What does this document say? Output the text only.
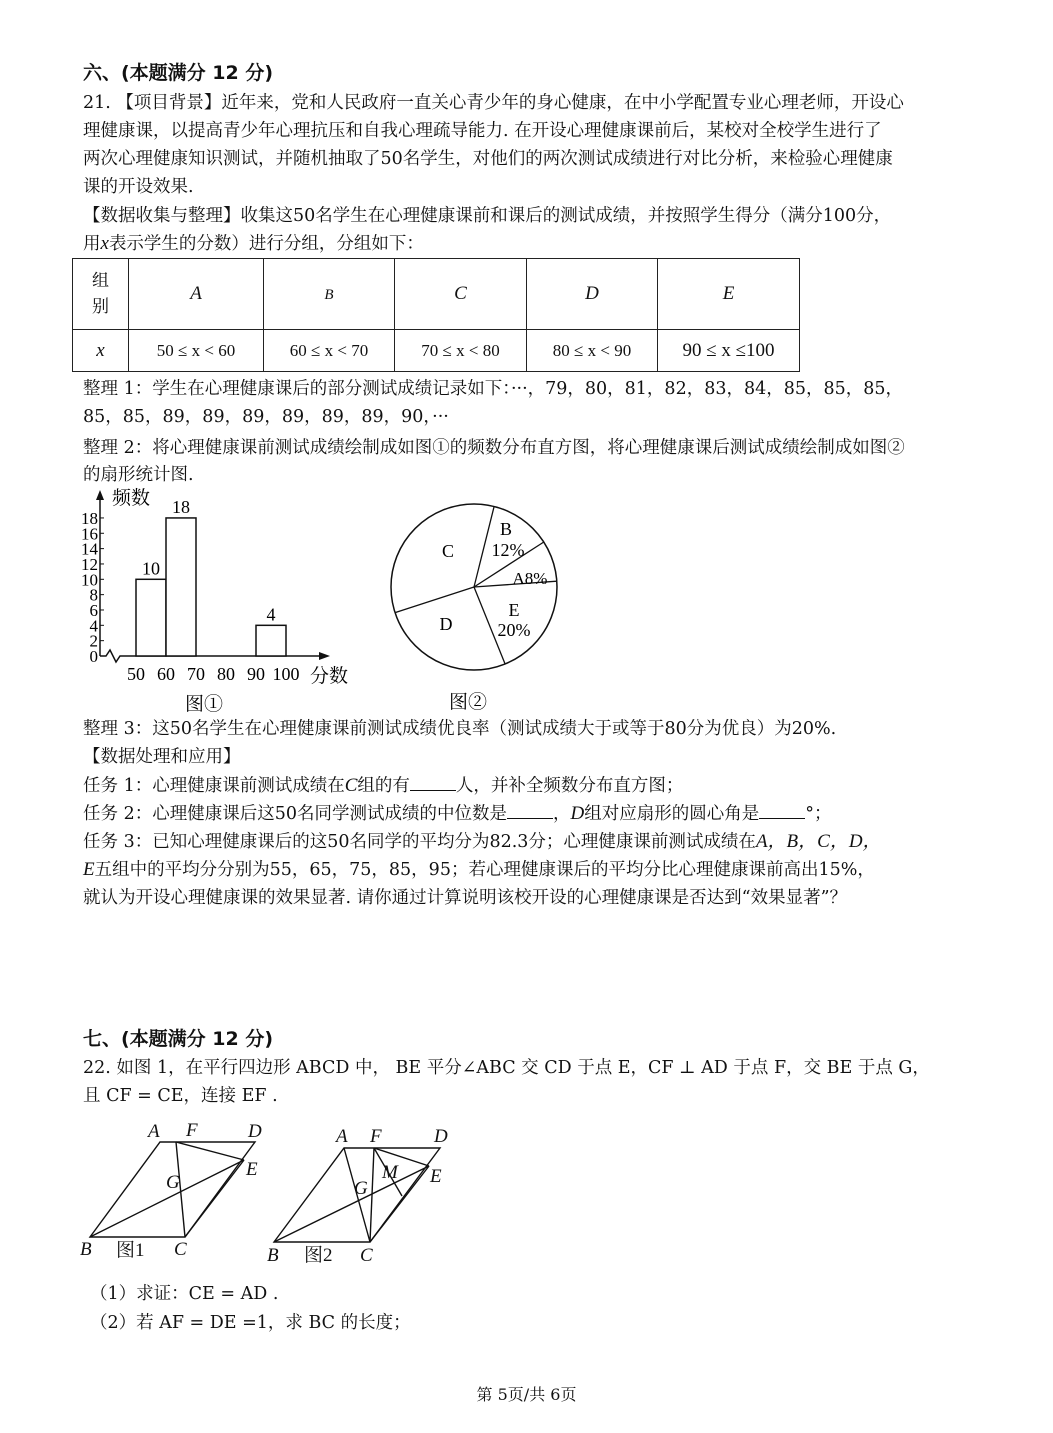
六、(本题满分 12 分)
21. 【项目背景】近年来，党和人民政府一直关心青少年的身心健康，在中小学配置专业心理老师，开设心
理健康课，以提高青少年心理抗压和自我心理疏导能力. 在开设心理健康课前后，某校对全校学生进行了
两次心理健康知识测试，并随机抽取了50名学生，对他们的两次测试成绩进行对比分析，来检验心理健康
课的开设效果.
【数据收集与整理】收集这50名学生在心理健康课前和课后的测试成绩，并按照学生得分（满分100分，
用x表示学生的分数）进行分组，分组如下：
组别	A	B	C	D	E
x	50 ≤ x < 60	60 ≤ x < 70	70 ≤ x < 80	80 ≤ x < 90	90 ≤ x ≤100
整理 1：学生在心理健康课后的部分测试成绩记录如下：···，79，80，81，82，83，84，85，85，85，
85，85，89，89，89，89，89，89，90，···
整理 2：将心理健康课前测试成绩绘制成如图①的频数分布直方图，将心理健康课后测试成绩绘制成如图②
的扇形统计图.
频数
分数
0
2
4
6
8
10
12
14
16
18
50 60 70 80 90 100
10
18
4
图①
B
12%
A8%
E
20%
D
C
图②
整理 3：这50名学生在心理健康课前测试成绩优良率（测试成绩大于或等于80分为优良）为20%.
【数据处理和应用】
任务 1：心理健康课前测试成绩在C组的有	人，并补全频数分布直方图；
任务 2：心理健康课后这50名同学测试成绩的中位数是	，D组对应扇形的圆心角是	°；
任务 3：已知心理健康课后的这50名同学的平均分为82.3分；心理健康课前测试成绩在A，B，C，D，
E五组中的平均分分别为55，65，75，85，95；若心理健康课后的平均分比心理健康课前高出15%，
就认为开设心理健康课的效果显著. 请你通过计算说明该校开设的心理健康课是否达到“效果显著”？
七、(本题满分 12 分)
22. 如图 1，在平行四边形 ABCD 中， BE 平分∠ABC 交 CD 于点 E，CF ⊥ AD 于点 F，交 BE 于点 G，
且 CF = CE，连接 EF .
A F	D
E
G
B	C
图1
A F	D
E
M
G
B	C
图2
（1）求证：CE = AD .
（2）若 AF = DE =1，求 BC 的长度；
第 5页/共 6页
